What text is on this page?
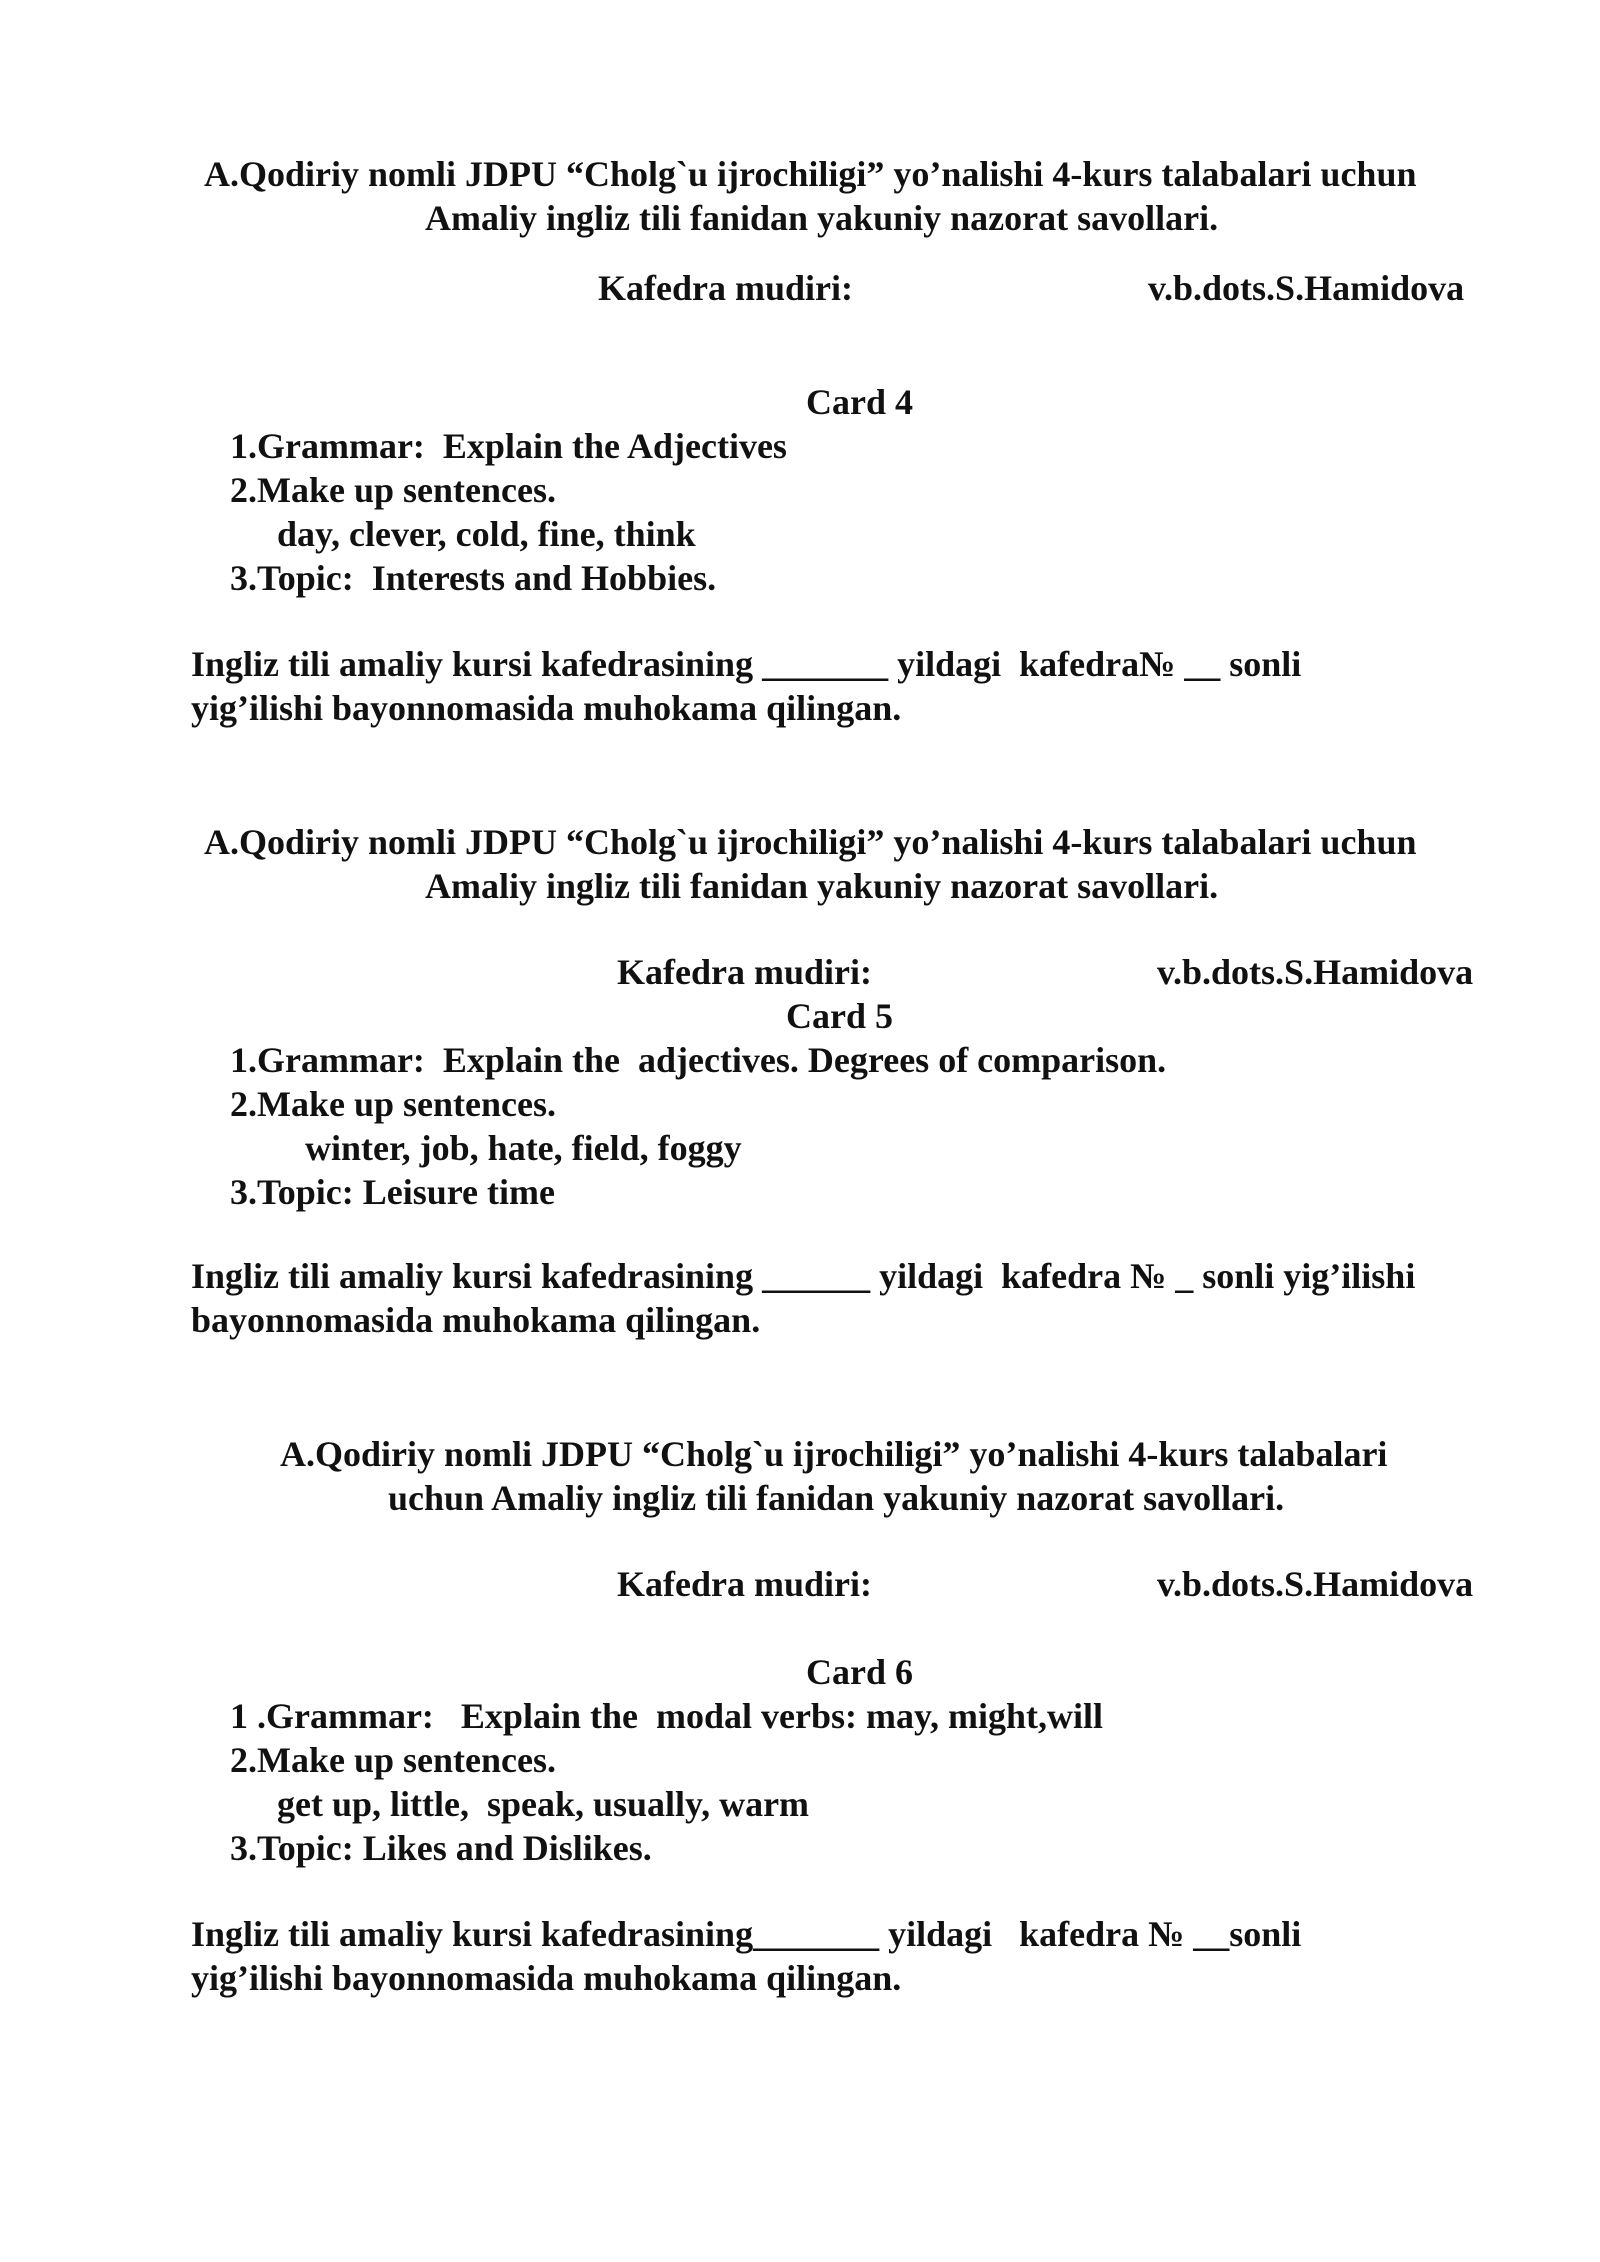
A.Qodiriy nomli JDPU “Cholg`u ijrochiligi” yo’nalishi 4-kurs talabalari uchun
Amaliy ingliz tili fanidan yakuniy nazorat savollari.
Kafedra mudiri:	v.b.dots.S.Hamidova
Card 4
1.Grammar:  Explain the Adjectives
2.Make up sentences.
day, clever, cold, fine, think
3.Topic:  Interests and Hobbies.
Ingliz tili amaliy kursi kafedrasining _______ yildagi  kafedra№ __ sonli
yig’ilishi bayonnomasida muhokama qilingan.
A.Qodiriy nomli JDPU “Cholg`u ijrochiligi” yo’nalishi 4-kurs talabalari uchun
Amaliy ingliz tili fanidan yakuniy nazorat savollari.
Kafedra mudiri:	v.b.dots.S.Hamidova
Card 5
1.Grammar:  Explain the  adjectives. Degrees of comparison.
2.Make up sentences.
winter, job, hate, field, foggy
3.Topic: Leisure time
Ingliz tili amaliy kursi kafedrasining ______ yildagi  kafedra № _ sonli yig’ilishi
bayonnomasida muhokama qilingan.
A.Qodiriy nomli JDPU “Cholg`u ijrochiligi” yo’nalishi 4-kurs talabalari
uchun Amaliy ingliz tili fanidan yakuniy nazorat savollari.
Kafedra mudiri:	v.b.dots.S.Hamidova
Card 6
1 .Grammar:   Explain the  modal verbs: may, might,will
2.Make up sentences.
get up, little,  speak, usually, warm
3.Topic: Likes and Dislikes.
Ingliz tili amaliy kursi kafedrasining_______ yildagi   kafedra № __sonli
yig’ilishi bayonnomasida muhokama qilingan.
